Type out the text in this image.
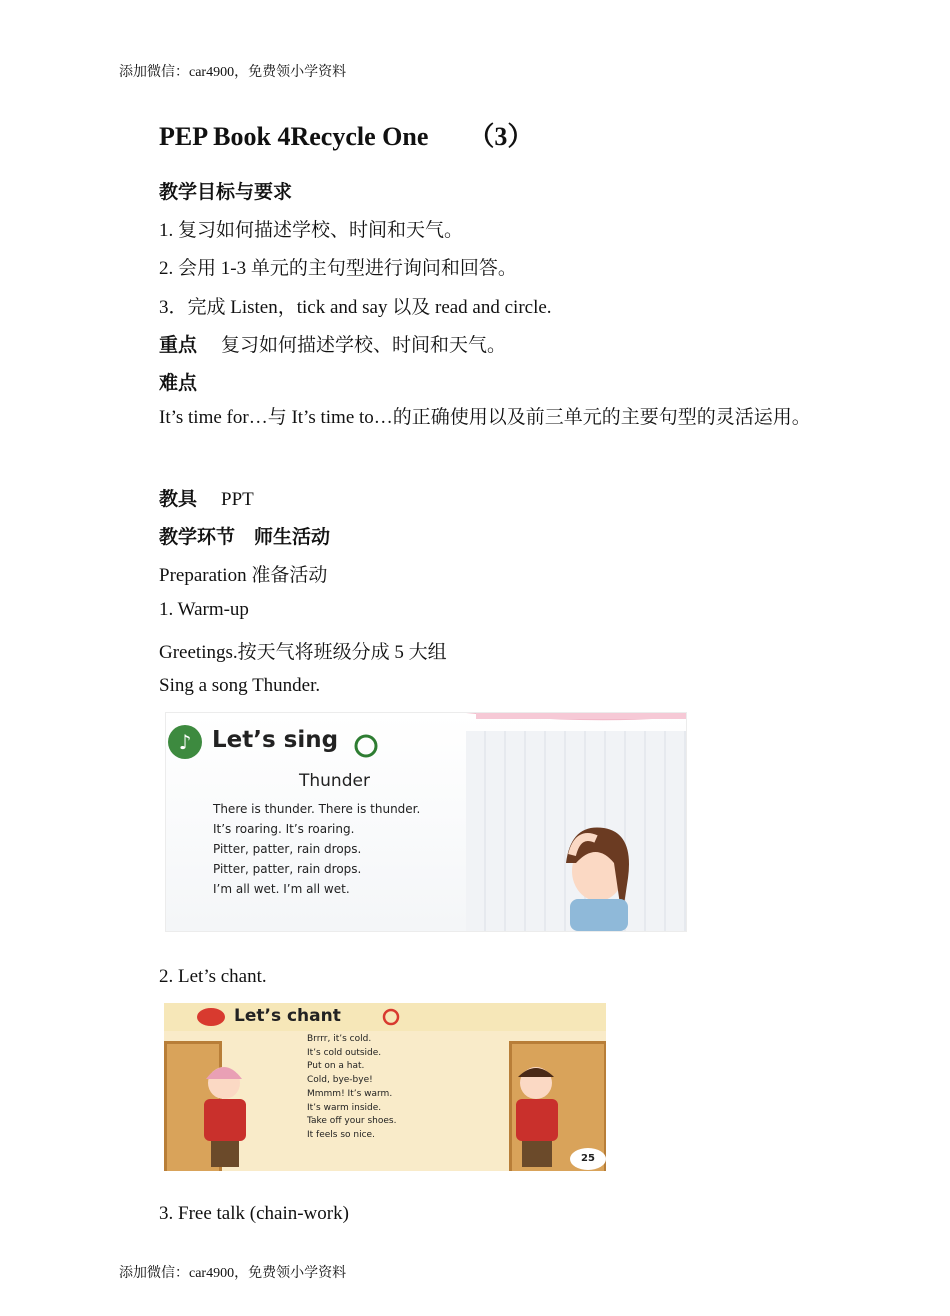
添加微信：car4900，免费领小学资料
PEP Book 4Recycle One （3）
教学目标与要求
1. 复习如何描述学校、时间和天气。
2. 会用 1-3 单元的主句型进行询问和回答。
3．完成 Listen，tick and say 以及 read and circle.
重点 复习如何描述学校、时间和天气。
难点
It’s time for…与 It’s time to…的正确使用以及前三单元的主要句型的灵活运用。
教具 PPT
教学环节　师生活动
Preparation 准备活动
1. Warm-up
Greetings.按天气将班级分成 5 大组
Sing a song Thunder.
♪ Let’s sing
Thunder
There is thunder. There is thunder.
It’s roaring. It’s roaring.
Pitter, patter, rain drops.
Pitter, patter, rain drops.
I’m all wet. I’m all wet.
2. Let’s chant.
Let’s chant
Brrrr, it’s cold.
It’s cold outside.
Put on a hat.
Cold, bye-bye!
Mmmm! It’s warm.
It’s warm inside.
Take off your shoes.
It feels so nice.
25
3. Free talk (chain-work)
添加微信：car4900，免费领小学资料
